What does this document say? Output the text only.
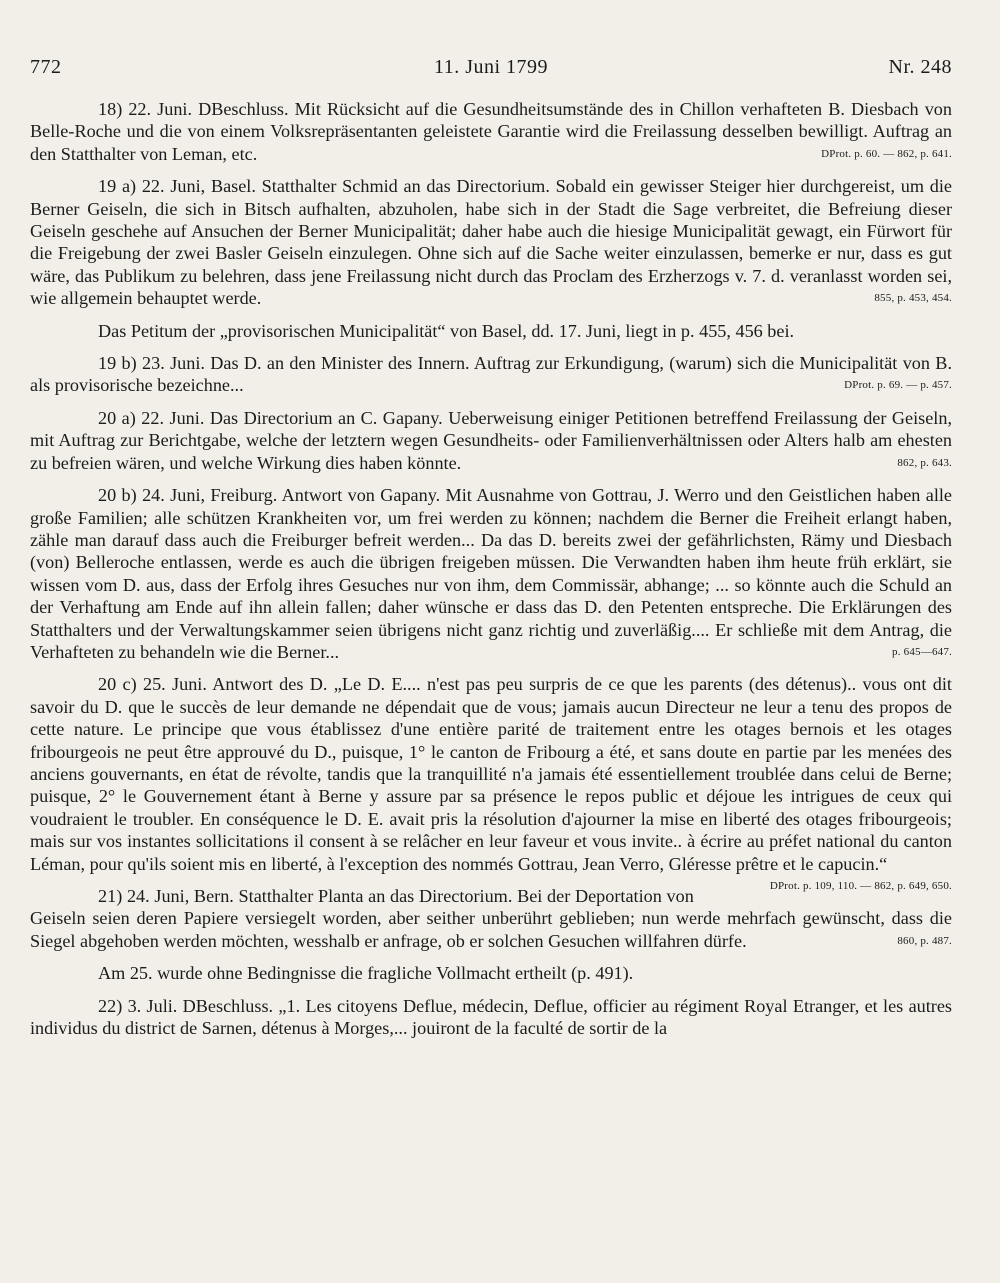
772	11. Juni 1799	Nr. 248

18) 22. Juni. DBeschluss. Mit Rücksicht auf die Gesundheitsumstände des in Chillon verhafteten B. Diesbach von Belle-Roche und die von einem Volksrepräsentanten geleistete Garantie wird die Freilassung desselben bewilligt. Auftrag an den Statthalter von Leman, etc.	DProt. p. 60. — 862, p. 641.

19 a) 22. Juni, Basel. Statthalter Schmid an das Directorium. Sobald ein gewisser Steiger hier durchgereist, um die Berner Geiseln, die sich in Bitsch aufhalten, abzuholen, habe sich in der Stadt die Sage verbreitet, die Befreiung dieser Geiseln geschehe auf Ansuchen der Berner Municipalität; daher habe auch die hiesige Municipalität gewagt, ein Fürwort für die Freigebung der zwei Basler Geiseln einzulegen. Ohne sich auf die Sache weiter einzulassen, bemerke er nur, dass es gut wäre, das Publikum zu belehren, dass jene Freilassung nicht durch das Proclam des Erzherzogs v. 7. d. veranlasst worden sei, wie allgemein behauptet werde.	855, p. 453, 454.

Das Petitum der „provisorischen Municipalität“ von Basel, dd. 17. Juni, liegt in p. 455, 456 bei.

19 b) 23. Juni. Das D. an den Minister des Innern. Auftrag zur Erkundigung, (warum) sich die Municipalität von B. als provisorische bezeichne...	DProt. p. 69. — p. 457.

20 a) 22. Juni. Das Directorium an C. Gapany. Ueberweisung einiger Petitionen betreffend Freilassung der Geiseln, mit Auftrag zur Berichtgabe, welche der letztern wegen Gesundheits- oder Familienverhältnissen oder Alters halb am ehesten zu befreien wären, und welche Wirkung dies haben könnte.	862, p. 643.

20 b) 24. Juni, Freiburg. Antwort von Gapany. Mit Ausnahme von Gottrau, J. Werro und den Geistlichen haben alle große Familien; alle schützen Krankheiten vor, um frei werden zu können; nachdem die Berner die Freiheit erlangt haben, zähle man darauf dass auch die Freiburger befreit werden... Da das D. bereits zwei der gefährlichsten, Rämy und Diesbach (von) Belleroche entlassen, werde es auch die übrigen freigeben müssen. Die Verwandten haben ihm heute früh erklärt, sie wissen vom D. aus, dass der Erfolg ihres Gesuches nur von ihm, dem Commissär, abhange; ... so könnte auch die Schuld an der Verhaftung am Ende auf ihn allein fallen; daher wünsche er dass das D. den Petenten entspreche. Die Erklärungen des Statthalters und der Verwaltungskammer seien übrigens nicht ganz richtig und zuverläßig.... Er schließe mit dem Antrag, die Verhafteten zu behandeln wie die Berner...	p. 645—647.

20 c) 25. Juni. Antwort des D. „Le D. E.... n'est pas peu surpris de ce que les parents (des détenus).. vous ont dit savoir du D. que le succès de leur demande ne dépendait que de vous; jamais aucun Directeur ne leur a tenu des propos de cette nature. Le principe que vous établissez d'une entière parité de traitement entre les otages bernois et les otages fribourgeois ne peut être approuvé du D., puisque, 1° le canton de Fribourg a été, et sans doute en partie par les menées des anciens gouvernants, en état de révolte, tandis que la tranquillité n'a jamais été essentiellement troublée dans celui de Berne; puisque, 2° le Gouvernement étant à Berne y assure par sa présence le repos public et déjoue les intrigues de ceux qui voudraient le troubler. En conséquence le D. E. avait pris la résolution d'ajourner la mise en liberté des otages fribourgeois; mais sur vos instantes sollicitations il consent à se relâcher en leur faveur et vous invite.. à écrire au préfet national du canton Léman, pour qu'ils soient mis en liberté, à l'exception des nommés Gottrau, Jean Verro, Gléresse prêtre et le capucin.“
DProt. p. 109, 110. — 862, p. 649, 650.

21) 24. Juni, Bern. Statthalter Planta an das Directorium. Bei der Deportation von Geiseln seien deren Papiere versiegelt worden, aber seither unberührt geblieben; nun werde mehrfach gewünscht, dass die Siegel abgehoben werden möchten, wesshalb er anfrage, ob er solchen Gesuchen willfahren dürfe.	860, p. 487.

Am 25. wurde ohne Bedingnisse die fragliche Vollmacht ertheilt (p. 491).

22) 3. Juli. DBeschluss. „1. Les citoyens Deflue, médecin, Deflue, officier au régiment Royal Etranger, et les autres individus du district de Sarnen, détenus à Morges,... jouiront de la faculté de sortir de la
